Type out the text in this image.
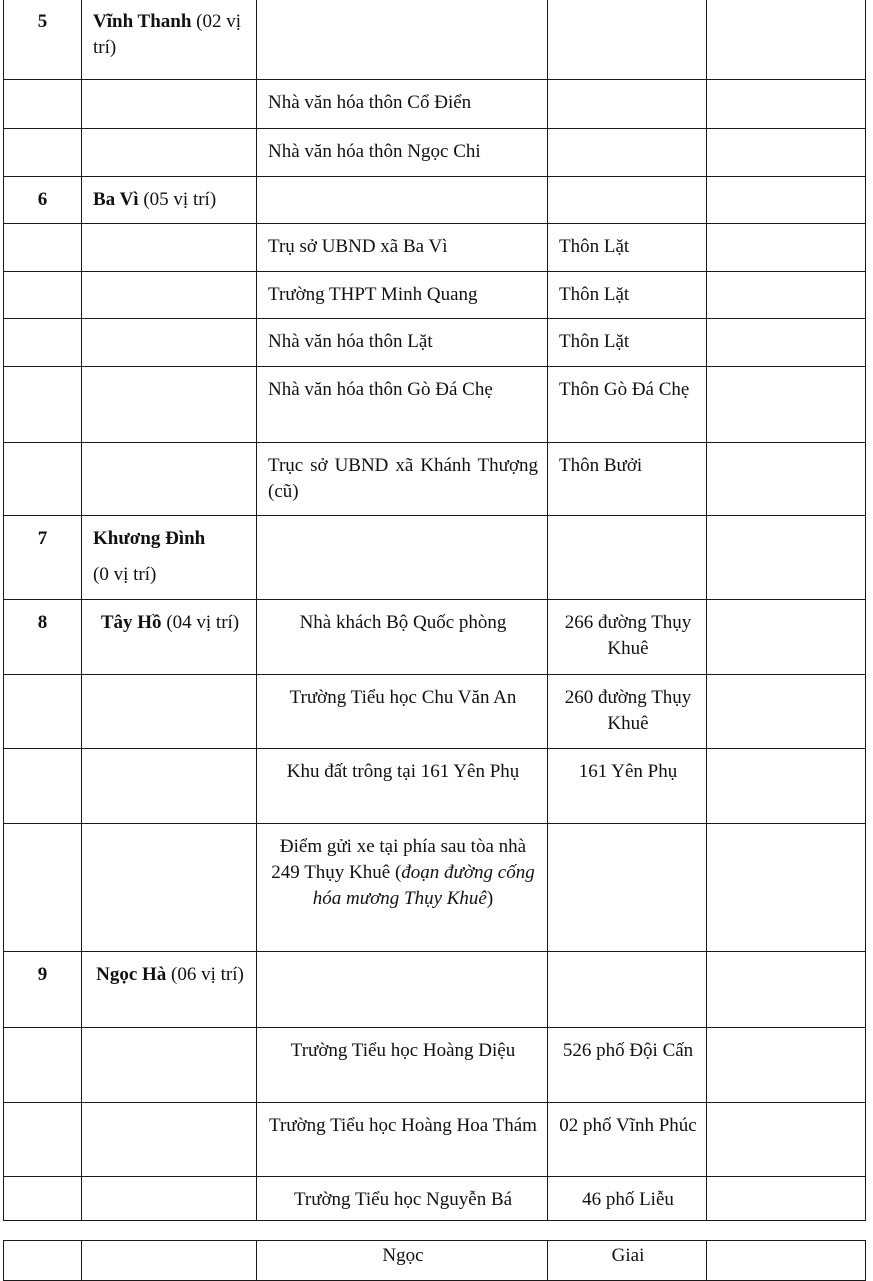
5	Vĩnh Thanh (02 vị trí)			
		Nhà văn hóa thôn Cổ Điển		
		Nhà văn hóa thôn Ngọc Chi		
6	Ba Vì (05 vị trí)			
		Trụ sở UBND xã Ba Vì	Thôn Lặt	
		Trường THPT Minh Quang	Thôn Lặt	
		Nhà văn hóa thôn Lặt	Thôn Lặt	
		Nhà văn hóa thôn Gò Đá Chẹ	Thôn Gò Đá Chẹ	
		Trục sở UBND xã Khánh Thượng (cũ)	Thôn Bưởi	
7	Khương Đình
(0 vị trí)			
8	Tây Hồ (04 vị trí)	Nhà khách Bộ Quốc phòng	266 đường Thụy Khuê	
		Trường Tiểu học Chu Văn An	260 đường Thụy Khuê	
		Khu đất trông tại 161 Yên Phụ	161 Yên Phụ	
		Điểm gửi xe tại phía sau tòa nhà 249 Thụy Khuê (đoạn đường cống hóa mương Thụy Khuê)		
9	Ngọc Hà (06 vị trí)			
		Trường Tiểu học Hoàng Diệu	526 phố Đội Cấn	
		Trường Tiểu học Hoàng Hoa Thám	02 phố Vĩnh Phúc	
		Trường Tiểu học Nguyễn Bá	46 phố Liễu	
		Ngọc	Giai	
